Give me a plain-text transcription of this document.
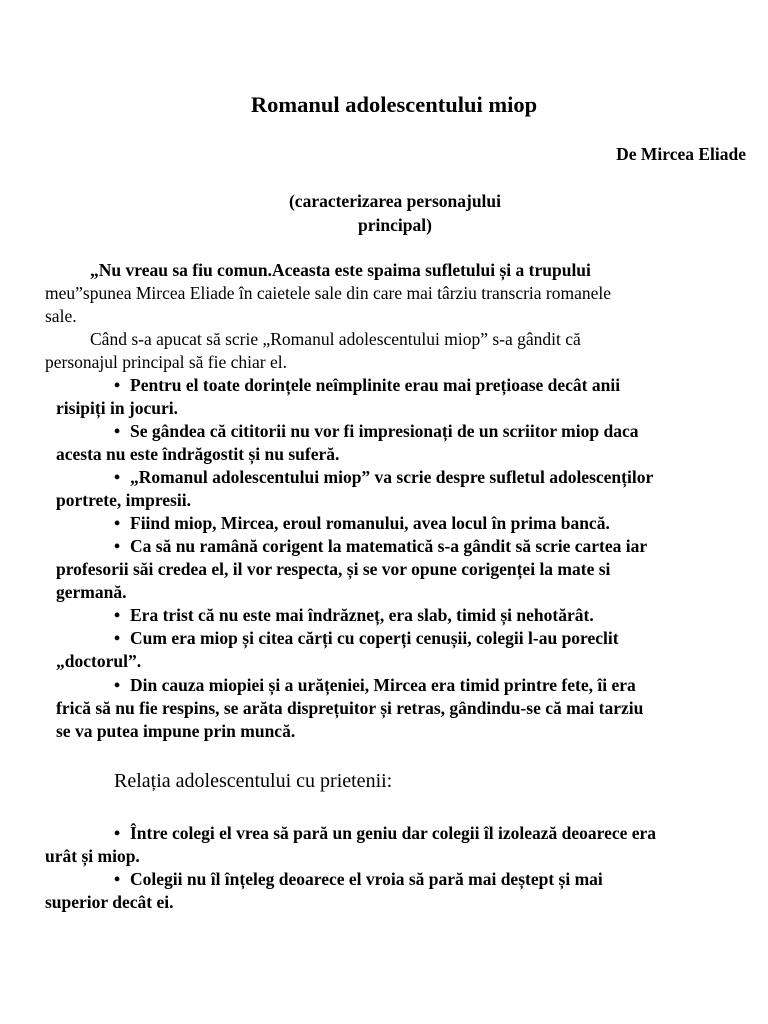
Romanul adolescentului miop
De Mircea Eliade
(caracterizarea personajului
principal)
„Nu vreau sa fiu comun.Aceasta este spaima sufletului și a trupului
meu”spunea Mircea Eliade în caietele sale din care mai târziu transcria romanele
sale.
Când s-a apucat să scrie „Romanul adolescentului miop” s-a gândit că
personajul principal să fie chiar el.
• Pentru el toate dorințele neîmplinite erau mai prețioase decât anii
risipiți in jocuri.
• Se gândea că cititorii nu vor fi impresionați de un scriitor miop daca
acesta nu este îndrăgostit și nu suferă.
• „Romanul adolescentului miop” va scrie despre sufletul adolescenților
portrete, impresii.
• Fiind miop, Mircea, eroul romanului, avea locul în prima bancă.
• Ca să nu ramână corigent la matematică s-a gândit să scrie cartea iar
profesorii săi credea el, il vor respecta, și se vor opune corigenței la mate si
germană.
• Era trist că nu este mai îndrăzneț, era slab, timid și nehotărât.
• Cum era miop și citea cărți cu coperți cenușii, colegii l-au poreclit
„doctorul”.
• Din cauza miopiei și a urățeniei, Mircea era timid printre fete, îi era
frică să nu fie respins, se arăta disprețuitor și retras, gândindu-se că mai tarziu
se va putea impune prin muncă.
Relația adolescentului cu prietenii:
• Între colegi el vrea să pară un geniu dar colegii îl izolează deoarece era
urât și miop.
• Colegii nu îl înțeleg deoarece el vroia să pară mai deștept și mai
superior decât ei.
